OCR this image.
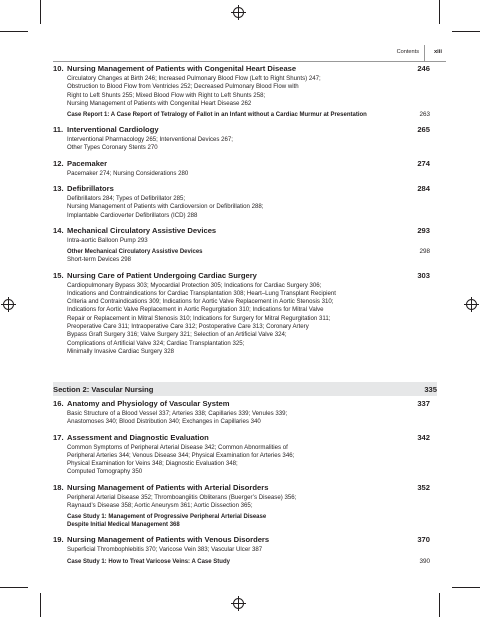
Contents	xiii
10. Nursing Management of Patients with Congenital Heart Disease	246
Circulatory Changes at Birth 246; Increased Pulmonary Blood Flow (Left to Right Shunts) 247;
Obstruction to Blood Flow from Ventricles 252; Decreased Pulmonary Blood Flow with
Right to Left Shunts 255; Mixed Blood Flow with Right to Left Shunts 258;
Nursing Management of Patients with Congenital Heart Disease 262
Case Report 1: A Case Report of Tetralogy of Fallot in an Infant without a Cardiac Murmur at Presentation	263
11. Interventional Cardiology	265
Interventional Pharmacology 265; Interventional Devices 267;
Other Types Coronary Stents 270
12. Pacemaker	274
Pacemaker 274; Nursing Considerations 280
13. Defibrillators	284
Defibrillators 284; Types of Defibrillator 285;
Nursing Management of Patients with Cardioversion or Defibrillation 288;
Implantable Cardioverter Defibrillators (ICD) 288
14. Mechanical Circulatory Assistive Devices	293
Intra-aortic Balloon Pump 293
Other Mechanical Circulatory Assistive Devices	298
Short-term Devices 298
15. Nursing Care of Patient Undergoing Cardiac Surgery	303
Cardiopulmonary Bypass 303; Myocardial Protection 305; Indications for Cardiac Surgery 306;
Indications and Contraindications for Cardiac Transplantation 308; Heart–Lung Transplant Recipient
Criteria and Contraindications 309; Indications for Aortic Valve Replacement in Aortic Stenosis 310;
Indications for Aortic Valve Replacement in Aortic Regurgitation 310; Indications for Mitral Valve
Repair or Replacement in Mitral Stenosis 310; Indications for Surgery for Mitral Regurgitation 311;
Preoperative Care 311; Intraoperative Care 312; Postoperative Care 313; Coronary Artery
Bypass Graft Surgery 316; Valve Surgery 321; Selection of an Artificial Valve 324;
Complications of Artificial Valve 324; Cardiac Transplantation 325;
Minimally Invasive Cardiac Surgery 328
Section 2: Vascular Nursing	335
16. Anatomy and Physiology of Vascular System	337
Basic Structure of a Blood Vessel 337; Arteries 338; Capillaries 339; Venules 339;
Anastomoses 340; Blood Distribution 340; Exchanges in Capillaries 340
17. Assessment and Diagnostic Evaluation	342
Common Symptoms of Peripheral Arterial Disease 342; Common Abnormalities of
Peripheral Arteries 344; Venous Disease 344; Physical Examination for Arteries 346;
Physical Examination for Veins 348; Diagnostic Evaluation 348;
Computed Tomography 350
18. Nursing Management of Patients with Arterial Disorders	352
Peripheral Arterial Disease 352; Thromboangiitis Obliterans (Buerger’s Disease) 356;
Raynaud’s Disease 358; Aortic Aneurysm 361; Aortic Dissection 365;
Case Study 1: Management of Progressive Peripheral Arterial Disease
Despite Initial Medical Management 368
19. Nursing Management of Patients with Venous Disorders	370
Superficial Thrombophlebitis 370; Varicose Vein 383; Vascular Ulcer 387
Case Study 1: How to Treat Varicose Veins: A Case Study	390
